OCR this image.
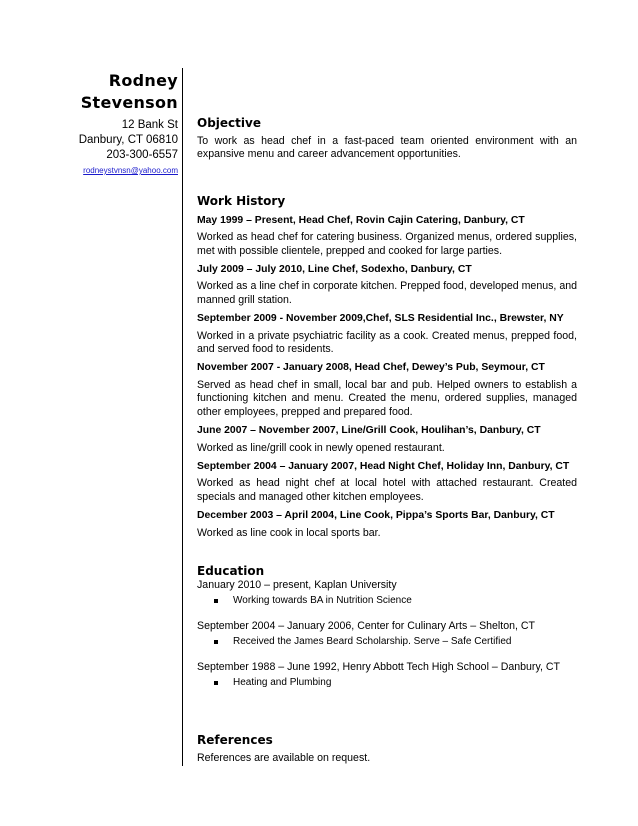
Rodney
Stevenson
12 Bank St
Danbury, CT 06810
203-300-6557
rodneystvnsn@yahoo.com
Objective
To work as head chef in a fast-paced team oriented environment with an expansive menu and career advancement opportunities.
Work History
May 1999 – Present, Head Chef, Rovin Cajin Catering, Danbury, CT
Worked as head chef for catering business. Organized menus, ordered supplies, met with possible clientele, prepped and cooked for large parties.
July 2009 – July 2010, Line Chef, Sodexho, Danbury, CT
Worked as a line chef in corporate kitchen. Prepped food, developed menus, and manned grill station.
September 2009 - November 2009,Chef, SLS Residential Inc., Brewster, NY
Worked in a private psychiatric facility as a cook. Created menus, prepped food, and served food to residents.
November 2007 - January 2008, Head Chef, Dewey’s Pub, Seymour, CT
Served as head chef in small, local bar and pub. Helped owners to establish a functioning kitchen and menu. Created the menu, ordered supplies, managed other employees, prepped and prepared food.
June 2007 – November 2007, Line/Grill Cook, Houlihan’s, Danbury, CT
Worked as line/grill cook in newly opened restaurant.
September 2004 – January 2007, Head Night Chef, Holiday Inn, Danbury, CT
Worked as head night chef at local hotel with attached restaurant. Created specials and managed other kitchen employees.
December 2003 – April 2004, Line Cook, Pippa’s Sports Bar, Danbury, CT
Worked as line cook in local sports bar.
Education
January 2010 – present, Kaplan University
Working towards BA in Nutrition Science
September 2004 – January 2006, Center for Culinary Arts – Shelton, CT
Received the James Beard Scholarship. Serve – Safe Certified
September 1988 – June 1992, Henry Abbott Tech High School – Danbury, CT
Heating and Plumbing
References
References are available on request.
